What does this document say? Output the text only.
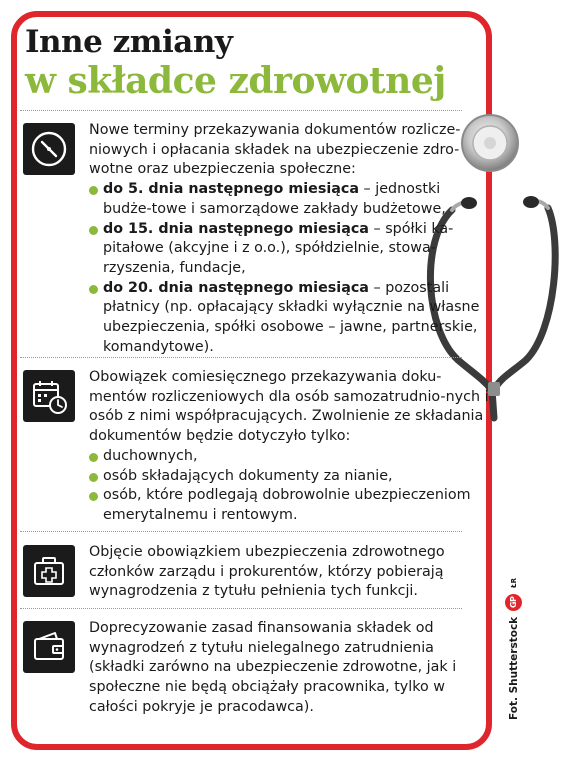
Inne zmiany
w składce zdrowotnej

Nowe terminy przekazywania dokumentów rozlicze-niowych i opłacania składek na ubezpieczenie zdro-wotne oraz ubezpieczenia społeczne:

do 5. dnia następnego miesiąca – jednostki budże-towe i samorządowe zakłady budżetowe,
do 15. dnia następnego miesiąca – spółki ka-pitałowe (akcyjne i z o.o.), spółdzielnie, stowa-rzyszenia, fundacje,
do 20. dnia następnego miesiąca – pozostali płatnicy (np. opłacający składki wyłącznie na własne ubezpieczenia, spółki osobowe – jawne, partnerskie, komandytowe).

Obowiązek comiesięcznego przekazywania doku-mentów rozliczeniowych dla osób samozatrudnio-nych i osób z nimi współpracujących. Zwolnienie ze składania dokumentów będzie dotyczyło tylko:

duchownych,
osób składających dokumenty za nianie,
osób, które podlegają dobrowolnie ubezpieczeniom emerytalnemu i rentowym.

Objęcie obowiązkiem ubezpieczenia zdrowotnego członków zarządu i prokurentów, którzy pobierają wynagrodzenia z tytułu pełnienia tych funkcji.

Doprecyzowanie zasad finansowania składek od wynagrodzeń z tytułu nielegalnego zatrudnienia (składki zarówno na ubezpieczenie zdrowotne, jak i społeczne nie będą obciążały pracownika, tylko w całości pokryje je pracodawca).	Fot. Shutterstock
GP
ŁR
